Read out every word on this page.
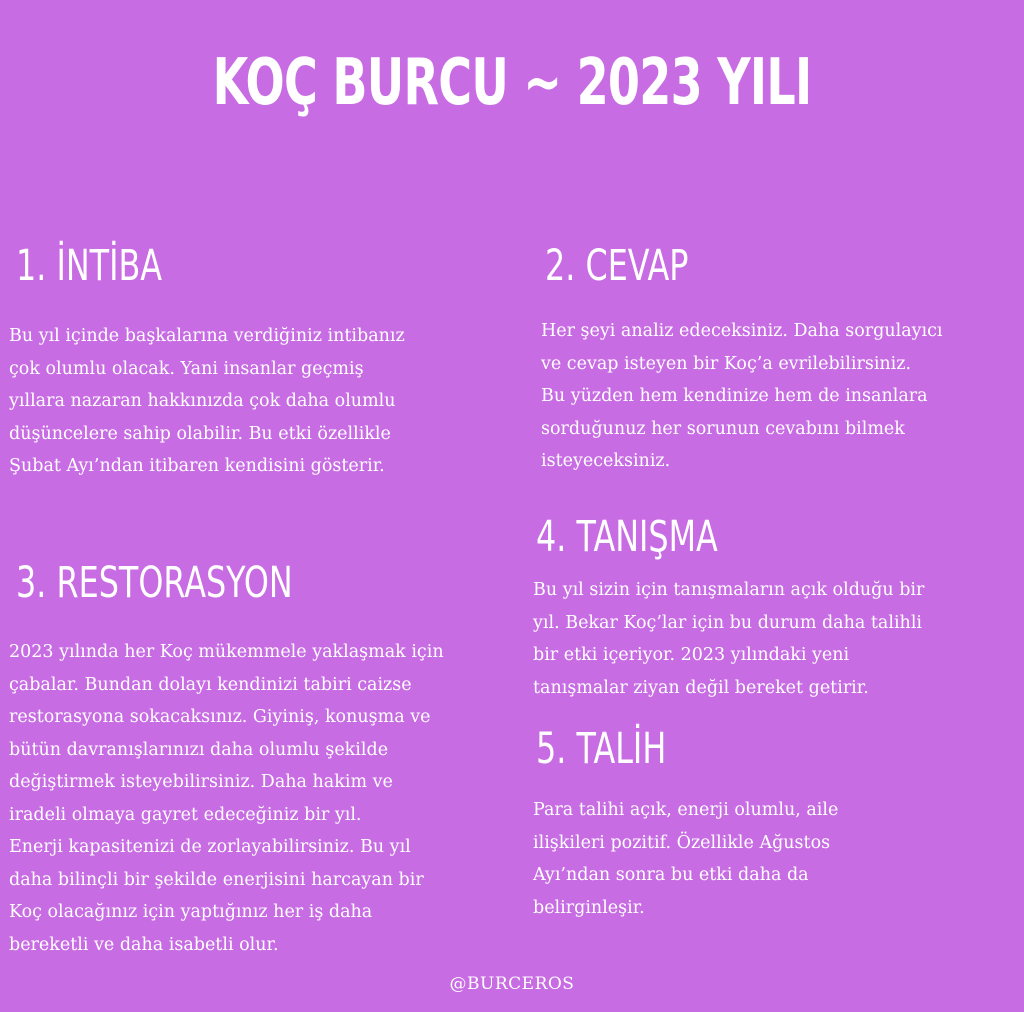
KOÇ BURCU ~ 2023 YILI
1. İNTİBA
Bu yıl içinde başkalarına verdiğiniz intibanız
çok olumlu olacak. Yani insanlar geçmiş
yıllara nazaran hakkınızda çok daha olumlu
düşüncelere sahip olabilir. Bu etki özellikle
Şubat Ayı’ndan itibaren kendisini gösterir.
2. CEVAP
Her şeyi analiz edeceksiniz. Daha sorgulayıcı
ve cevap isteyen bir Koç’a evrilebilirsiniz.
Bu yüzden hem kendinize hem de insanlara
sorduğunuz her sorunun cevabını bilmek
isteyeceksiniz.
3. RESTORASYON
2023 yılında her Koç mükemmele yaklaşmak için
çabalar. Bundan dolayı kendinizi tabiri caizse
restorasyona sokacaksınız. Giyiniş, konuşma ve
bütün davranışlarınızı daha olumlu şekilde
değiştirmek isteyebilirsiniz. Daha hakim ve
iradeli olmaya gayret edeceğiniz bir yıl.
Enerji kapasitenizi de zorlayabilirsiniz. Bu yıl
daha bilinçli bir şekilde enerjisini harcayan bir
Koç olacağınız için yaptığınız her iş daha
bereketli ve daha isabetli olur.
4. TANIŞMA
Bu yıl sizin için tanışmaların açık olduğu bir
yıl. Bekar Koç’lar için bu durum daha talihli
bir etki içeriyor. 2023 yılındaki yeni
tanışmalar ziyan değil bereket getirir.
5. TALİH
Para talihi açık, enerji olumlu, aile
ilişkileri pozitif. Özellikle Ağustos
Ayı’ndan sonra bu etki daha da
belirginleşir.
@BURCEROS
